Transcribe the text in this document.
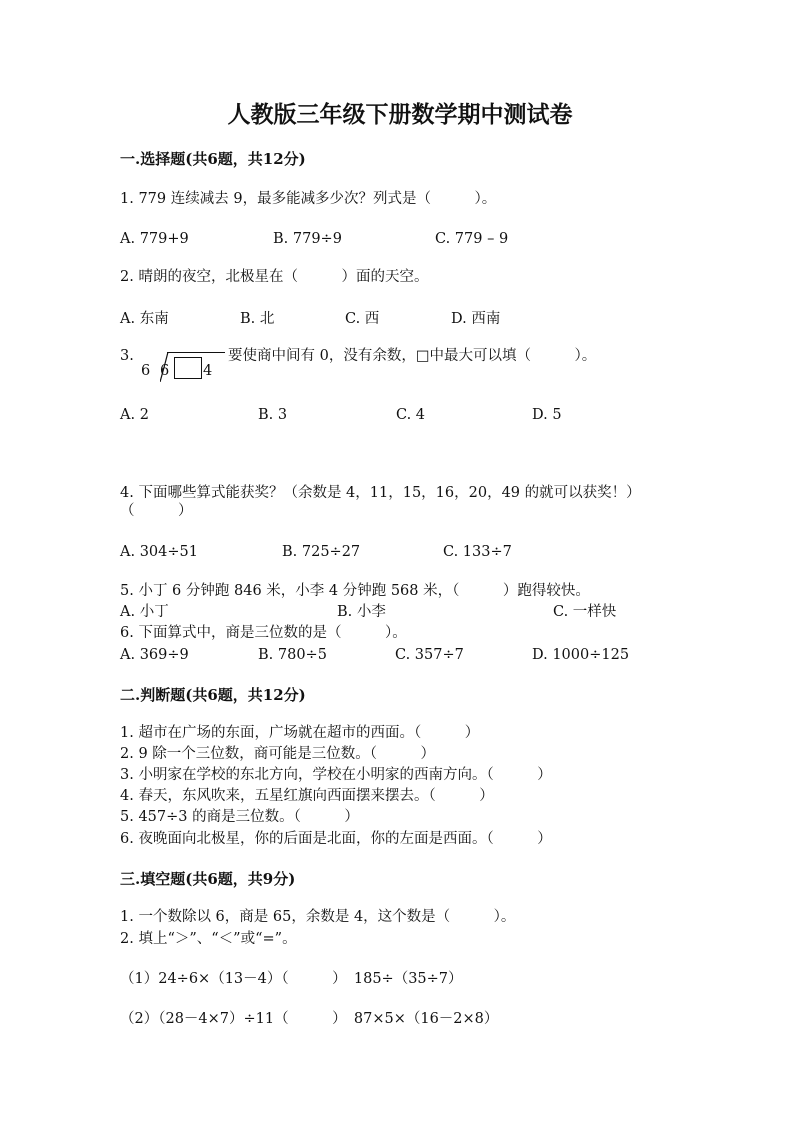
人教版三年级下册数学期中测试卷
一.选择题(共6题，共12分)
1. 779 连续减去 9，最多能减多少次？列式是（　　　）。
A. 779+9	B. 779÷9	C. 779 – 9
2. 晴朗的夜空，北极星在（　　　）面的天空。
A. 东南	B. 北	C. 西	D. 西南
3.
6 6 4
要使商中间有 0，没有余数，□中最大可以填（　　　）。
A. 2	B. 3	C. 4	D. 5
4. 下面哪些算式能获奖？（余数是 4，11，15，16，20，49 的就可以获奖！）
（　　　）
A. 304÷51	B. 725÷27	C. 133÷7
5. 小丁 6 分钟跑 846 米，小李 4 分钟跑 568 米，（　　　）跑得较快。
A. 小丁	B. 小李	C. 一样快
6. 下面算式中，商是三位数的是（　　　）。
A. 369÷9	B. 780÷5	C. 357÷7	D. 1000÷125
二.判断题(共6题，共12分)
1. 超市在广场的东面，广场就在超市的西面。（　　　）
2. 9 除一个三位数，商可能是三位数。（　　　）
3. 小明家在学校的东北方向，学校在小明家的西南方向。（　　　）
4. 春天，东风吹来，五星红旗向西面摆来摆去。（　　　）
5. 457÷3 的商是三位数。（　　　）
6. 夜晚面向北极星，你的后面是北面，你的左面是西面。（　　　）
三.填空题(共6题，共9分)
1. 一个数除以 6，商是 65，余数是 4，这个数是（　　　）。
2. 填上“＞”、“＜”或“=”。
（1）24÷6×（13－4）（　　　）　185÷（35÷7）
（2）（28－4×7）÷11（　　　）　87×5×（16－2×8）
